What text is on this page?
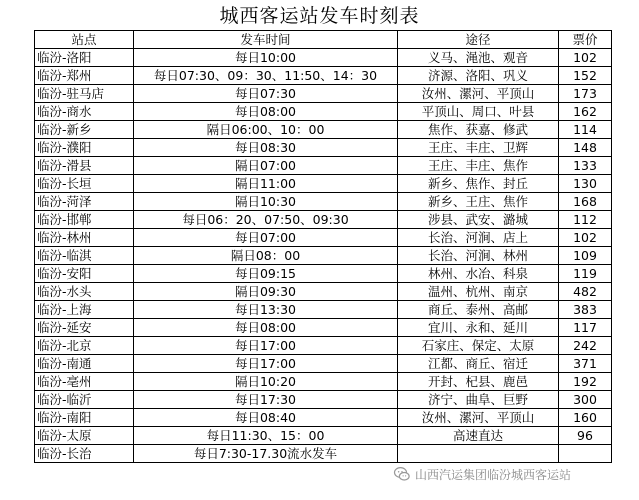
城西客运站发车时刻表
站点	发车时间	途径	票价
临汾-洛阳	每日10:00	义马、渑池、观音	102
临汾-郑州	每日07:30、09：30、11:50、14：30	济源、洛阳、巩义	152
临汾-驻马店	每日07:30	汝州、漯河、平顶山	173
临汾-商水	每日08:00	平顶山、周口、叶县	162
临汾-新乡	隔日06:00、10：00	焦作、获嘉、修武	114
临汾-濮阳	每日08:30	王庄、丰庄、卫辉	148
临汾-滑县	隔日07:00	王庄、丰庄、焦作	133
临汾-长垣	隔日11:00	新乡、焦作、封丘	130
临汾-菏泽	隔日10:30	新乡、王庄、焦作	168
临汾-邯郸	每日06：20、07:50、09:30	涉县、武安、潞城	112
临汾-林州	每日07:00	长治、河涧、店上	102
临汾-临淇	隔日08：00	长治、河涧、林州	109
临汾-安阳	每日09:15	林州、水冶、科泉	119
临汾-水头	隔日09:30	温州、杭州、南京	482
临汾-上海	每日13:30	商丘、泰州、高邮	383
临汾-延安	每日08:00	宜川、永和、延川	117
临汾-北京	每日17:00	石家庄、保定、太原	242
临汾-南通	每日17:00	江都、商丘、宿迁	371
临汾-亳州	隔日10:20	开封、杞县、鹿邑	192
临汾-临沂	每日17:30	济宁、曲阜、巨野	300
临汾-南阳	每日08:40	汝州、漯河、平顶山	160
临汾-太原	每日11:30、15：00	高速直达	96
临汾-长治	每日7:30-17.30流水发车		
山西汽运集团临汾城西客运站
